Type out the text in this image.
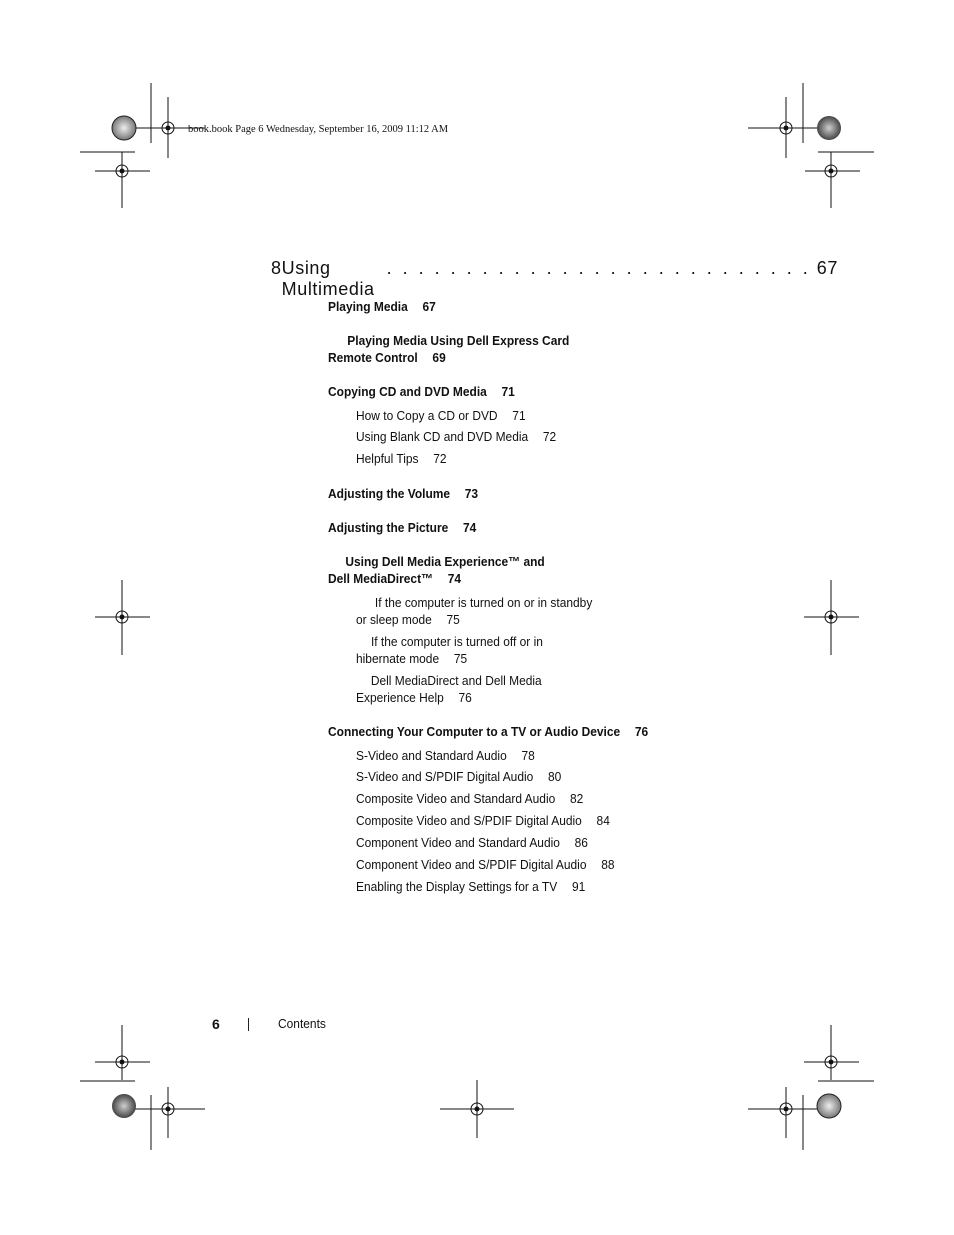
book.book Page 6 Wednesday, September 16, 2009 11:12 AM
8 Using Multimedia
. . . . . . . . . . . . . . . . . . . . . . . . . . . 67
Playing Media 67
Playing Media Using Dell Express Card
Remote Control 69
Copying CD and DVD Media 71
How to Copy a CD or DVD 71
Using Blank CD and DVD Media 72
Helpful Tips 72
Adjusting the Volume 73
Adjusting the Picture 74
Using Dell Media Experience™ and
Dell MediaDirect™ 74
If the computer is turned on or in standby
or sleep mode 75
If the computer is turned off or in
hibernate mode 75
Dell MediaDirect and Dell Media
Experience Help 76
Connecting Your Computer to a TV or Audio Device 76
S-Video and Standard Audio 78
S-Video and S/PDIF Digital Audio 80
Composite Video and Standard Audio 82
Composite Video and S/PDIF Digital Audio 84
Component Video and Standard Audio 86
Component Video and S/PDIF Digital Audio 88
Enabling the Display Settings for a TV 91
6	Contents
